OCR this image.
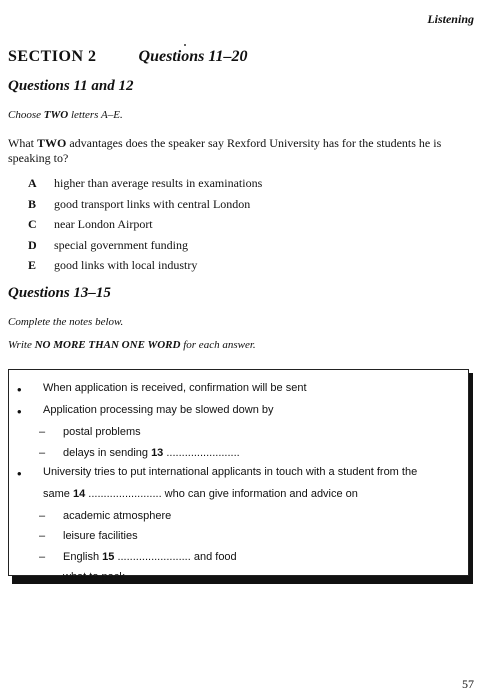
Listening
SECTION 2	Questions 11–20
Questions 11 and 12
Choose TWO letters A–E.
What TWO advantages does the speaker say Rexford University has for the students he is speaking to?
A higher than average results in examinations
B good transport links with central London
C near London Airport
D special government funding
E good links with local industry
Questions 13–15
Complete the notes below.
Write NO MORE THAN ONE WORD for each answer.
• When application is received, confirmation will be sent
• Application processing may be slowed down by
– postal problems
– delays in sending 13 ........................
• University tries to put international applicants in touch with a student from the
same 14 ........................ who can give information and advice on
– academic atmosphere
– leisure facilities
– English 15 ........................ and food
– what to pack
57
